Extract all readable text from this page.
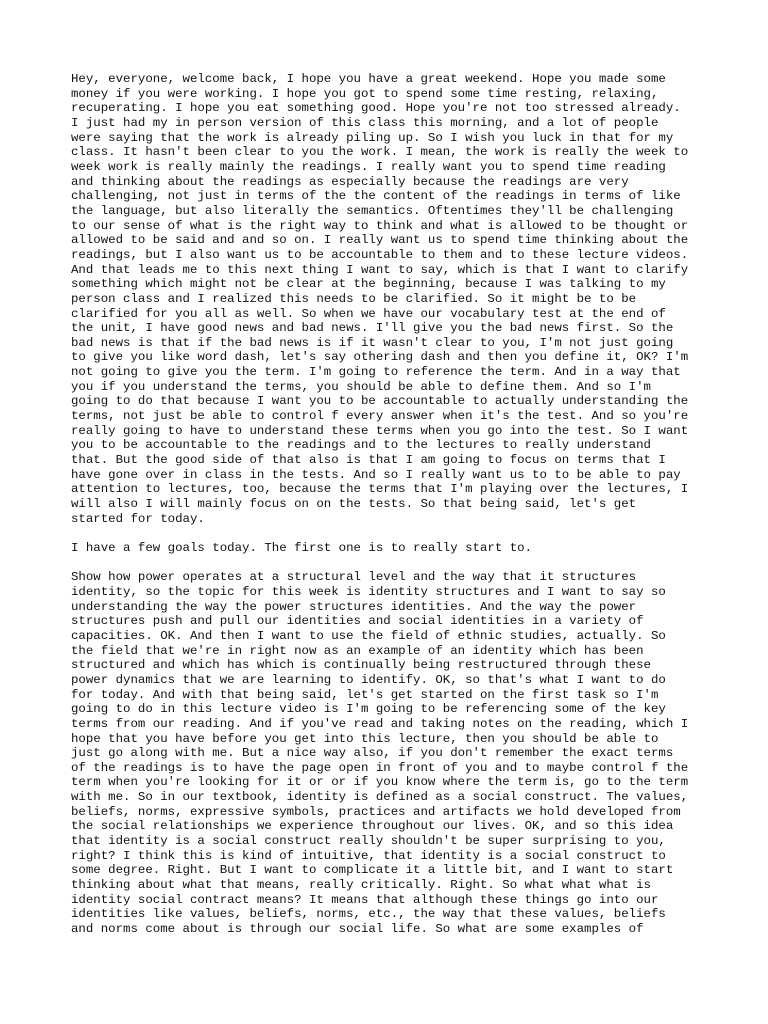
Hey, everyone, welcome back, I hope you have a great weekend. Hope you made some
money if you were working. I hope you got to spend some time resting, relaxing,
recuperating. I hope you eat something good. Hope you're not too stressed already.
I just had my in person version of this class this morning, and a lot of people
were saying that the work is already piling up. So I wish you luck in that for my
class. It hasn't been clear to you the work. I mean, the work is really the week to
week work is really mainly the readings. I really want you to spend time reading
and thinking about the readings as especially because the readings are very
challenging, not just in terms of the the content of the readings in terms of like
the language, but also literally the semantics. Oftentimes they'll be challenging
to our sense of what is the right way to think and what is allowed to be thought or
allowed to be said and and so on. I really want us to spend time thinking about the
readings, but I also want us to be accountable to them and to these lecture videos.
And that leads me to this next thing I want to say, which is that I want to clarify
something which might not be clear at the beginning, because I was talking to my
person class and I realized this needs to be clarified. So it might be to be
clarified for you all as well. So when we have our vocabulary test at the end of
the unit, I have good news and bad news. I'll give you the bad news first. So the
bad news is that if the bad news is if it wasn't clear to you, I'm not just going
to give you like word dash, let's say othering dash and then you define it, OK? I'm
not going to give you the term. I'm going to reference the term. And in a way that
you if you understand the terms, you should be able to define them. And so I'm
going to do that because I want you to be accountable to actually understanding the
terms, not just be able to control f every answer when it's the test. And so you're
really going to have to understand these terms when you go into the test. So I want
you to be accountable to the readings and to the lectures to really understand
that. But the good side of that also is that I am going to focus on terms that I
have gone over in class in the tests. And so I really want us to to be able to pay
attention to lectures, too, because the terms that I'm playing over the lectures, I
will also I will mainly focus on on the tests. So that being said, let's get
started for today.
I have a few goals today. The first one is to really start to.
Show how power operates at a structural level and the way that it structures
identity, so the topic for this week is identity structures and I want to say so
understanding the way the power structures identities. And the way the power
structures push and pull our identities and social identities in a variety of
capacities. OK. And then I want to use the field of ethnic studies, actually. So
the field that we're in right now as an example of an identity which has been
structured and which has which is continually being restructured through these
power dynamics that we are learning to identify. OK, so that's what I want to do
for today. And with that being said, let's get started on the first task so I'm
going to do in this lecture video is I'm going to be referencing some of the key
terms from our reading. And if you've read and taking notes on the reading, which I
hope that you have before you get into this lecture, then you should be able to
just go along with me. But a nice way also, if you don't remember the exact terms
of the readings is to have the page open in front of you and to maybe control f the
term when you're looking for it or or if you know where the term is, go to the term
with me. So in our textbook, identity is defined as a social construct. The values,
beliefs, norms, expressive symbols, practices and artifacts we hold developed from
the social relationships we experience throughout our lives. OK, and so this idea
that identity is a social construct really shouldn't be super surprising to you,
right? I think this is kind of intuitive, that identity is a social construct to
some degree. Right. But I want to complicate it a little bit, and I want to start
thinking about what that means, really critically. Right. So what what what is
identity social contract means? It means that although these things go into our
identities like values, beliefs, norms, etc., the way that these values, beliefs
and norms come about is through our social life. So what are some examples of
